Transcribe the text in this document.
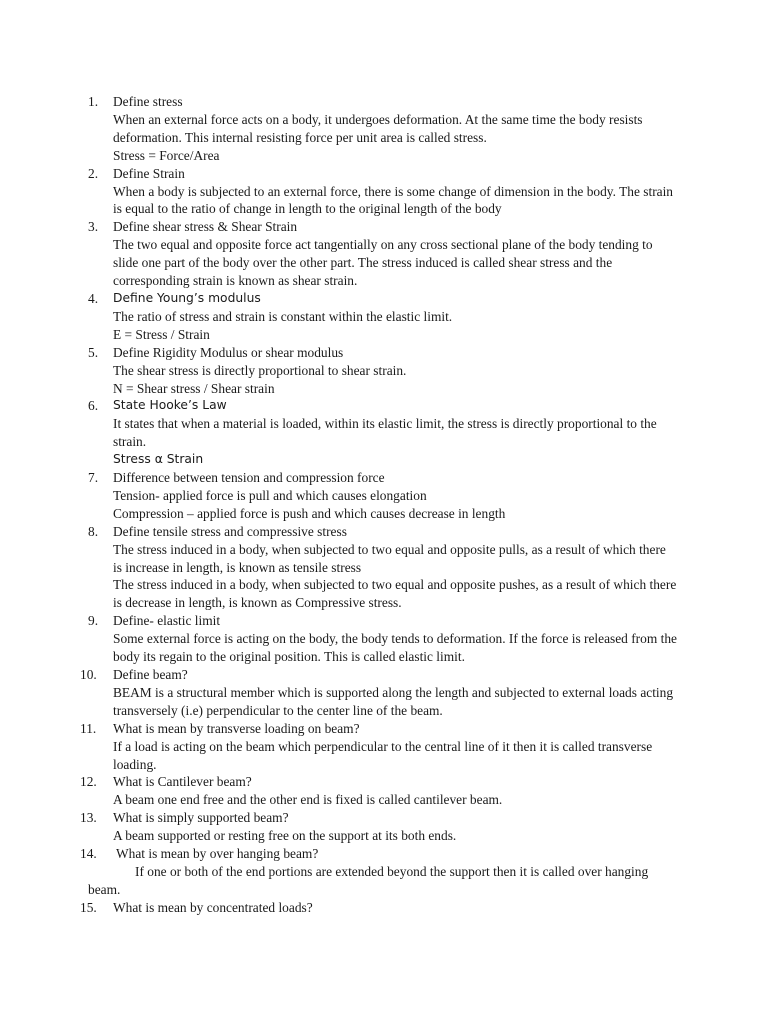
1. Define stress

When an external force acts on a body, it undergoes deformation. At the same time the body resists deformation. This internal resisting force per unit area is called stress.

Stress = Force/Area

2. Define Strain

When a body is subjected to an external force, there is some change of dimension in the body. The strain is equal to the ratio of change in length to the original length of the body

3. Define shear stress & Shear Strain

The two equal and opposite force act tangentially on any cross sectional plane of the body tending to slide one part of the body over the other part. The stress induced is called shear stress and the corresponding strain is known as shear strain.

4. Define Young’s modulus

The ratio of stress and strain is constant within the elastic limit.

E = Stress / Strain

5. Define Rigidity Modulus or shear modulus

The shear stress is directly proportional to shear strain.

N = Shear stress / Shear strain

6. State Hooke’s Law

It states that when a material is loaded, within its elastic limit, the stress is directly proportional to the strain.

Stress α Strain

7. Difference between tension and compression force

Tension- applied force is pull and which causes elongation

Compression – applied force is push and which causes decrease in length

8. Define tensile stress and compressive stress

The stress induced in a body, when subjected to two equal and opposite pulls, as a result of which there is increase in length, is known as tensile stress

The stress induced in a body, when subjected to two equal and opposite pushes, as a result of which there is decrease in length, is known as Compressive stress.

9. Define- elastic limit

Some external force is acting on the body, the body tends to deformation. If the force is released from the body its regain to the original position. This is called elastic limit.

10. Define beam?

BEAM is a structural member which is supported along the length and subjected to external loads acting transversely (i.e) perpendicular to the center line of the beam.

11. What is mean by transverse loading on beam?

If a load is acting on the beam which perpendicular to the central line of it then it is called transverse loading.

12. What is Cantilever beam?

A beam one end free and the other end is fixed is called cantilever beam.

13. What is simply supported beam?

A beam supported or resting free on the support at its both ends.

14.	What is mean by over hanging beam?

If one or both of the end portions are extended beyond the support then it is called over hanging beam.

15. What is mean by concentrated loads?
